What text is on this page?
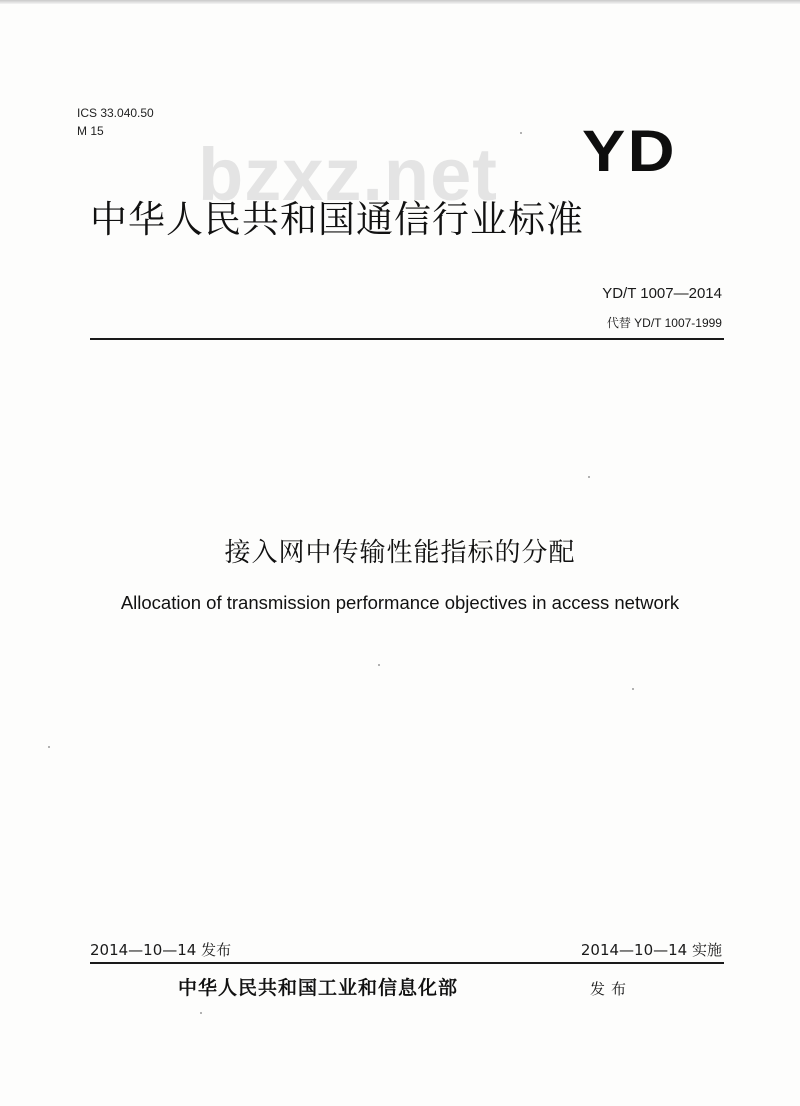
ICS 33.040.50
M 15
bzxz.net YD
中华人民共和国通信行业标准
YD/T 1007—2014
代替 YD/T 1007-1999
接入网中传输性能指标的分配
Allocation of transmission performance objectives in access network
2014—10—14 发布	2014—10—14 实施
中华人民共和国工业和信息化部	发布
